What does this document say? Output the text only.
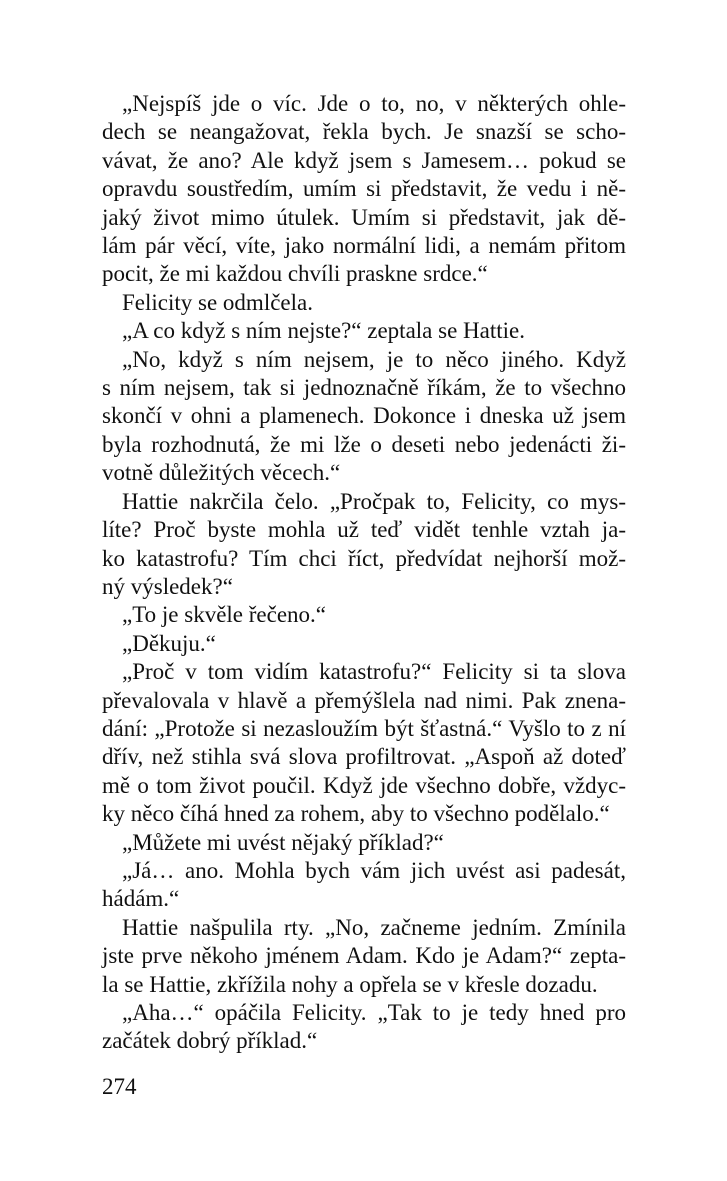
„Nejspíš jde o víc. Jde o to, no, v některých ohle-
dech se neangažovat, řekla bych. Je snazší se scho-
vávat, že ano? Ale když jsem s Jamesem… pokud se
opravdu soustředím, umím si představit, že vedu i ně-
jaký život mimo útulek. Umím si představit, jak dě-
lám pár věcí, víte, jako normální lidi, a nemám přitom
pocit, že mi každou chvíli praskne srdce.“

Felicity se odmlčela.

„A co když s ním nejste?“ zeptala se Hattie.

„No, když s ním nejsem, je to něco jiného. Když
s ním nejsem, tak si jednoznačně říkám, že to všechno
skončí v ohni a plamenech. Dokonce i dneska už jsem
byla rozhodnutá, že mi lže o deseti nebo jedenácti ži-
votně důležitých věcech.“

Hattie nakrčila čelo. „Pročpak to, Felicity, co mys-
líte? Proč byste mohla už teď vidět tenhle vztah ja-
ko katastrofu? Tím chci říct, předvídat nejhorší mož-
ný výsledek?“

„To je skvěle řečeno.“

„Děkuju.“

„Proč v tom vidím katastrofu?“ Felicity si ta slova
převalovala v hlavě a přemýšlela nad nimi. Pak znena-
dání: „Protože si nezasloužím být šťastná.“ Vyšlo to z ní
dřív, než stihla svá slova profiltrovat. „Aspoň až doteď
mě o tom život poučil. Když jde všechno dobře, vždyc-
ky něco číhá hned za rohem, aby to všechno podělalo.“

„Můžete mi uvést nějaký příklad?“

„Já… ano. Mohla bych vám jich uvést asi padesát,
hádám.“

Hattie našpulila rty. „No, začneme jedním. Zmínila
jste prve někoho jménem Adam. Kdo je Adam?“ zepta-
la se Hattie, zkřížila nohy a opřela se v křesle dozadu.

„Aha…“ opáčila Felicity. „Tak to je tedy hned pro
začátek dobrý příklad.“

274
